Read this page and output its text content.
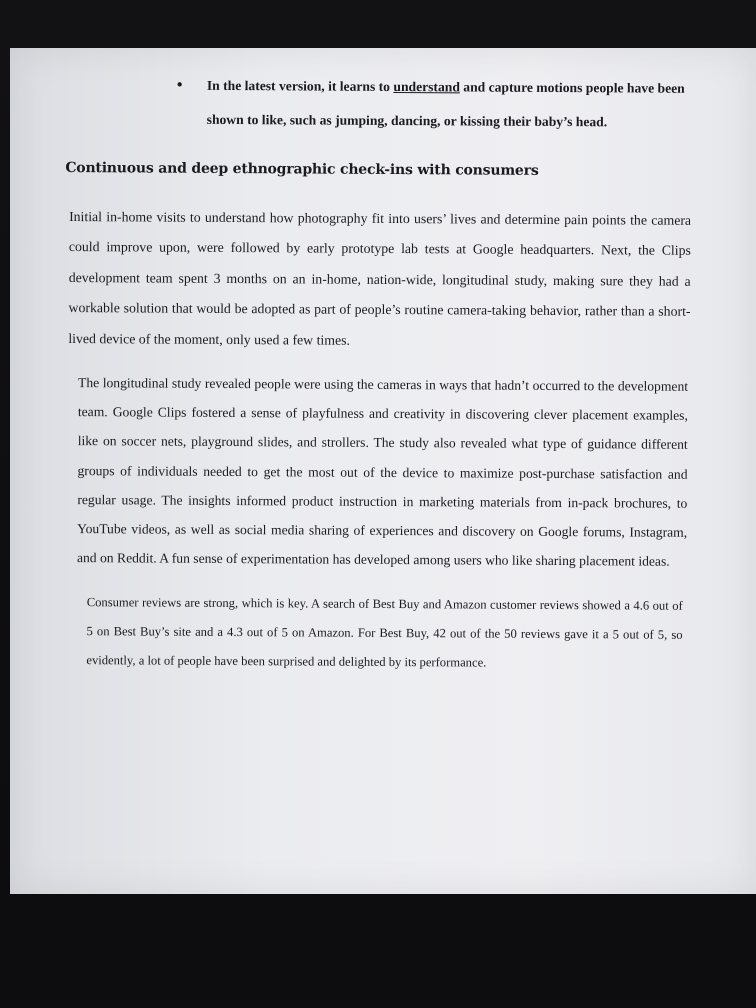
• In the latest version, it learns to understand and capture motions people have been shown to like, such as jumping, dancing, or kissing their baby’s head.
Continuous and deep ethnographic check-ins with consumers
Initial in-home visits to understand how photography fit into users’ lives and determine pain points the camera could improve upon, were followed by early prototype lab tests at Google headquarters. Next, the Clips development team spent 3 months on an in-home, nation-wide, longitudinal study, making sure they had a workable solution that would be adopted as part of people’s routine camera-taking behavior, rather than a short-lived device of the moment, only used a few times.
The longitudinal study revealed people were using the cameras in ways that hadn’t occurred to the development team. Google Clips fostered a sense of playfulness and creativity in discovering clever placement examples, like on soccer nets, playground slides, and strollers. The study also revealed what type of guidance different groups of individuals needed to get the most out of the device to maximize post-purchase satisfaction and regular usage. The insights informed product instruction in marketing materials from in-pack brochures, to YouTube videos, as well as social media sharing of experiences and discovery on Google forums, Instagram, and on Reddit. A fun sense of experimentation has developed among users who like sharing placement ideas.
Consumer reviews are strong, which is key. A search of Best Buy and Amazon customer reviews showed a 4.6 out of 5 on Best Buy’s site and a 4.3 out of 5 on Amazon. For Best Buy, 42 out of the 50 reviews gave it a 5 out of 5, so evidently, a lot of people have been surprised and delighted by its performance.
